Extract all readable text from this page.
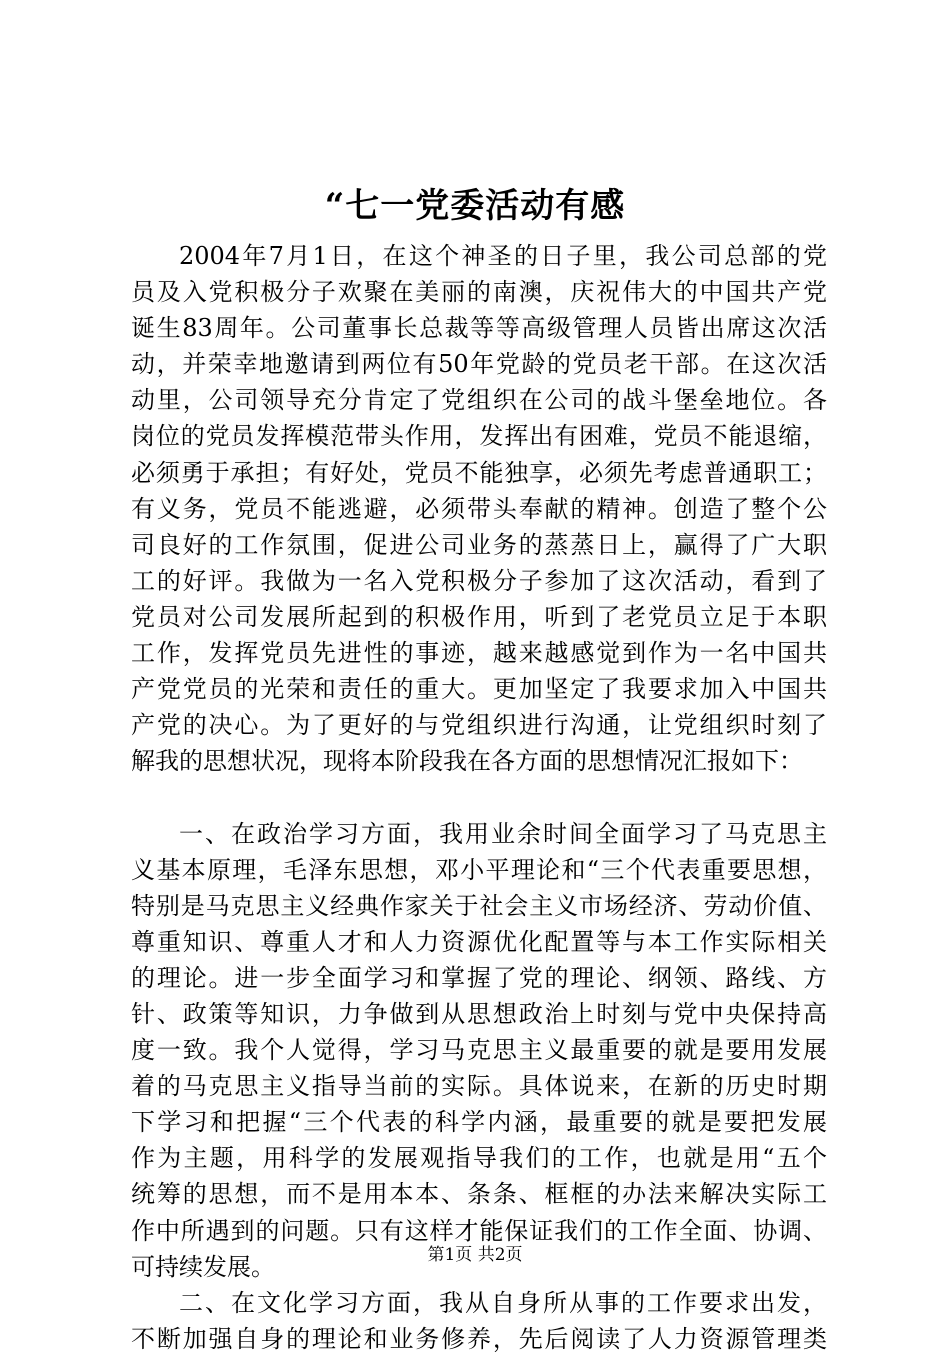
“七一党委活动有感
2004年7月1日，在这个神圣的日子里，我公司总部的党
员及入党积极分子欢聚在美丽的南澳，庆祝伟大的中国共产党
诞生83周年。公司董事长总裁等等高级管理人员皆出席这次活
动，并荣幸地邀请到两位有50年党龄的党员老干部。在这次活
动里，公司领导充分肯定了党组织在公司的战斗堡垒地位。各
岗位的党员发挥模范带头作用，发挥出有困难，党员不能退缩，
必须勇于承担；有好处，党员不能独享，必须先考虑普通职工；
有义务，党员不能逃避，必须带头奉献的精神。创造了整个公
司良好的工作氛围，促进公司业务的蒸蒸日上，赢得了广大职
工的好评。我做为一名入党积极分子参加了这次活动，看到了
党员对公司发展所起到的积极作用，听到了老党员立足于本职
工作，发挥党员先进性的事迹，越来越感觉到作为一名中国共
产党党员的光荣和责任的重大。更加坚定了我要求加入中国共
产党的决心。为了更好的与党组织进行沟通，让党组织时刻了
解我的思想状况，现将本阶段我在各方面的思想情况汇报如下：
一、在政治学习方面，我用业余时间全面学习了马克思主
义基本原理，毛泽东思想，邓小平理论和“三个代表重要思想，
特别是马克思主义经典作家关于社会主义市场经济、劳动价值、
尊重知识、尊重人才和人力资源优化配置等与本工作实际相关
的理论。进一步全面学习和掌握了党的理论、纲领、路线、方
针、政策等知识，力争做到从思想政治上时刻与党中央保持高
度一致。我个人觉得，学习马克思主义最重要的就是要用发展
着的马克思主义指导当前的实际。具体说来，在新的历史时期
下学习和把握“三个代表的科学内涵，最重要的就是要把发展
作为主题，用科学的发展观指导我们的工作，也就是用“五个
统筹的思想，而不是用本本、条条、框框的办法来解决实际工
作中所遇到的问题。只有这样才能保证我们的工作全面、协调、
可持续发展。
二、在文化学习方面，我从自身所从事的工作要求出发，
不断加强自身的理论和业务修养，先后阅读了人力资源管理类
第1页 共2页
